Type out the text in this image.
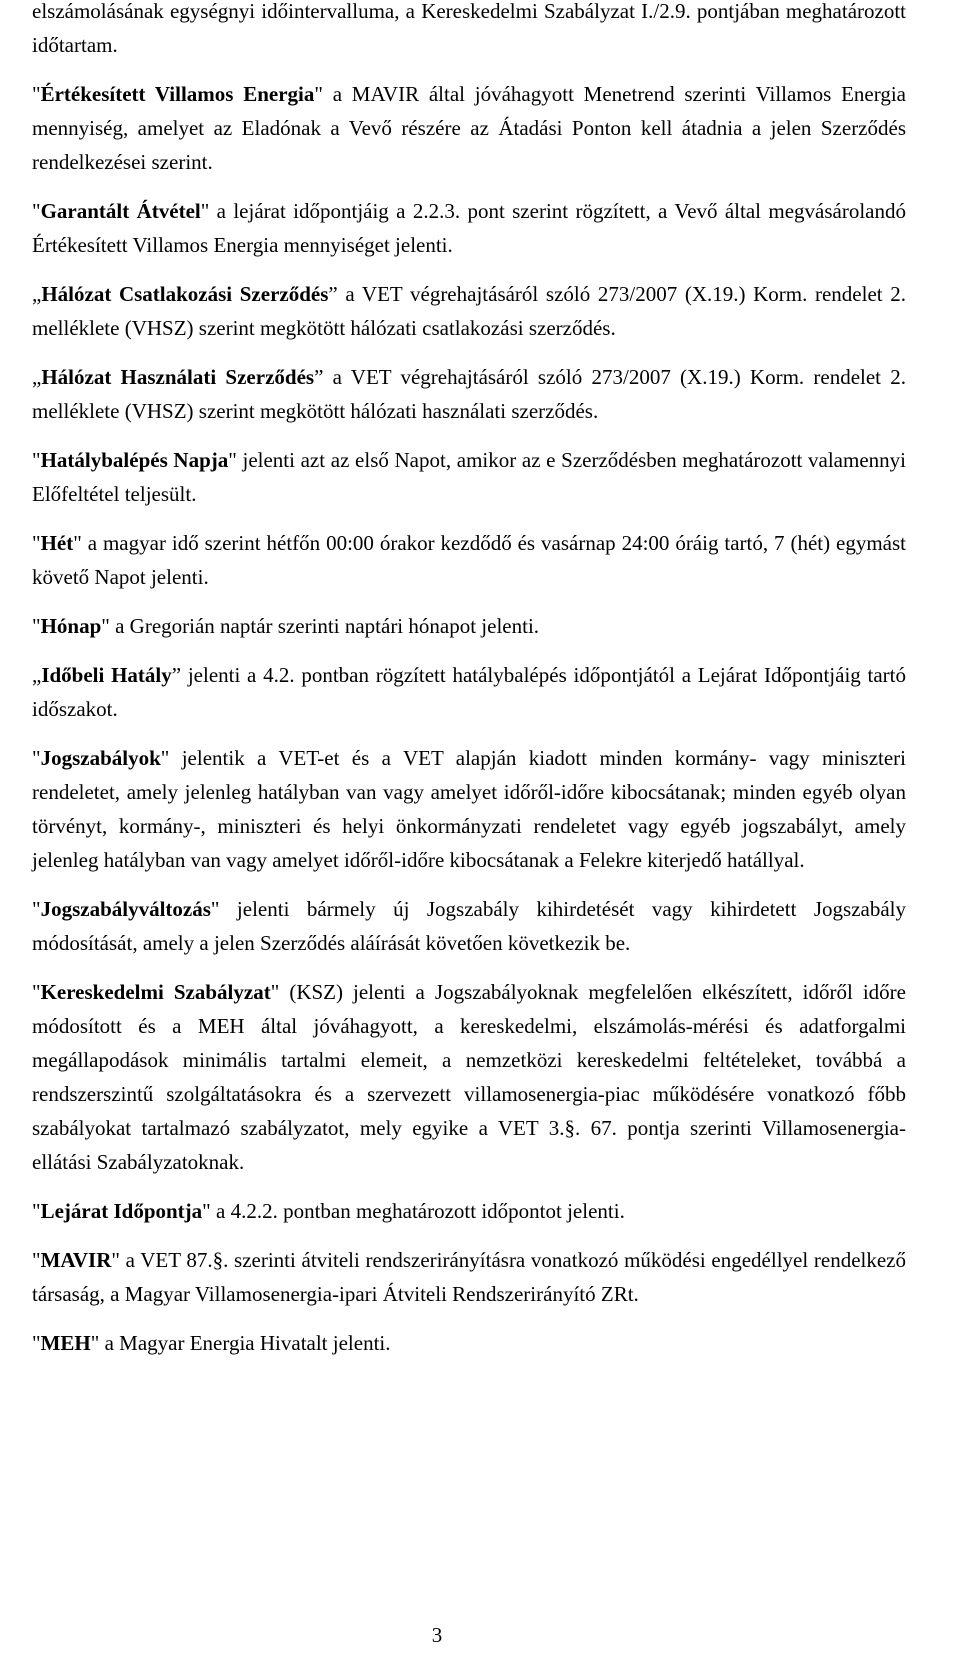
elszámolásának egységnyi időintervalluma, a Kereskedelmi Szabályzat I./2.9. pontjában meghatározott időtartam.

"Értékesített Villamos Energia" a MAVIR által jóváhagyott Menetrend szerinti Villamos Energia mennyiség, amelyet az Eladónak a Vevő részére az Átadási Ponton kell átadnia a jelen Szerződés rendelkezései szerint.

"Garantált Átvétel" a lejárat időpontjáig a 2.2.3. pont szerint rögzített, a Vevő által megvásárolandó Értékesített Villamos Energia mennyiséget jelenti.

„Hálózat Csatlakozási Szerződés” a VET végrehajtásáról szóló 273/2007 (X.19.) Korm. rendelet 2. melléklete (VHSZ) szerint megkötött hálózati csatlakozási szerződés.

„Hálózat Használati Szerződés” a VET végrehajtásáról szóló 273/2007 (X.19.) Korm. rendelet 2. melléklete (VHSZ) szerint megkötött hálózati használati szerződés.

"Hatálybalépés Napja" jelenti azt az első Napot, amikor az e Szerződésben meghatározott valamennyi Előfeltétel teljesült.

"Hét" a magyar idő szerint hétfőn 00:00 órakor kezdődő és vasárnap 24:00 óráig tartó, 7 (hét) egymást követő Napot jelenti.

"Hónap" a Gregorián naptár szerinti naptári hónapot jelenti.

„Időbeli Hatály” jelenti a 4.2. pontban rögzített hatálybalépés időpontjától a Lejárat Időpontjáig tartó időszakot.

"Jogszabályok" jelentik a VET-et és a VET alapján kiadott minden kormány- vagy miniszteri rendeletet, amely jelenleg hatályban van vagy amelyet időről-időre kibocsátanak; minden egyéb olyan törvényt, kormány-, miniszteri és helyi önkormányzati rendeletet vagy egyéb jogszabályt, amely jelenleg hatályban van vagy amelyet időről-időre kibocsátanak a Felekre kiterjedő hatállyal.

"Jogszabályváltozás" jelenti bármely új Jogszabály kihirdetését vagy kihirdetett Jogszabály módosítását, amely a jelen Szerződés aláírását követően következik be.

"Kereskedelmi Szabályzat" (KSZ) jelenti a Jogszabályoknak megfelelően elkészített, időről időre módosított és a MEH által jóváhagyott, a kereskedelmi, elszámolás-mérési és adatforgalmi megállapodások minimális tartalmi elemeit, a nemzetközi kereskedelmi feltételeket, továbbá a rendszerszintű szolgáltatásokra és a szervezett villamosenergia-piac működésére vonatkozó főbb szabályokat tartalmazó szabályzatot, mely egyike a VET 3.§. 67. pontja szerinti Villamosenergia-ellátási Szabályzatoknak.

"Lejárat Időpontja" a 4.2.2. pontban meghatározott időpontot jelenti.

"MAVIR" a VET 87.§. szerinti átviteli rendszerirányításra vonatkozó működési engedéllyel rendelkező társaság, a Magyar Villamosenergia-ipari Átviteli Rendszerirányító ZRt.

"MEH" a Magyar Energia Hivatalt jelenti.

3
